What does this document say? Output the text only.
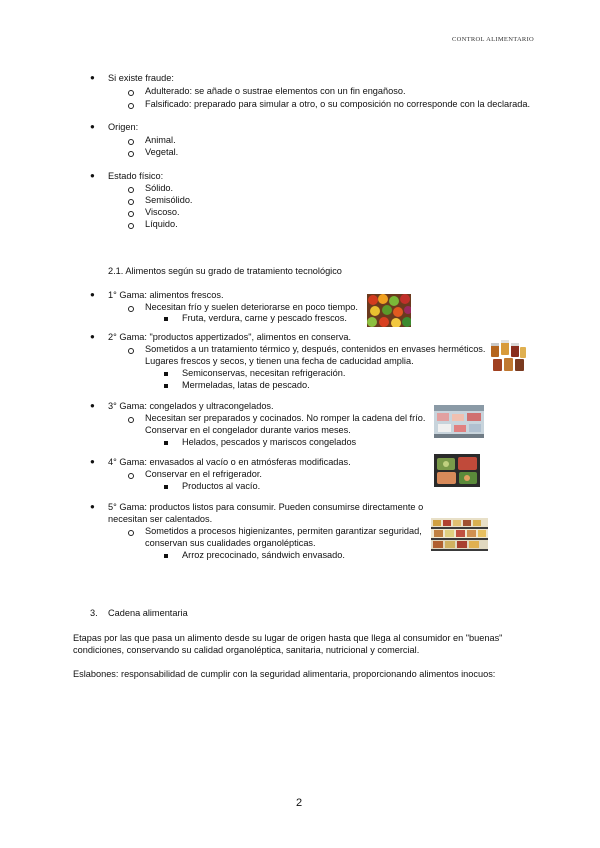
CONTROL ALIMENTARIO
● Si existe fraude:
Adulterado: se añade o sustrae elementos con un fin engañoso.
Falsificado: preparado para simular a otro, o su composición no corresponde con la declarada.
● Origen:
Animal.
Vegetal.
● Estado físico:
Sólido.
Semisólido.
Viscoso.
Líquido.
2.1. Alimentos según su grado de tratamiento tecnológico
● 1° Gama: alimentos frescos.
Necesitan frío y suelen deteriorarse en poco tiempo.
Fruta, verdura, carne y pescado frescos.
● 2° Gama: "productos appertizados", alimentos en conserva.
Sometidos a un tratamiento térmico y, después, contenidos en envases herméticos.
Lugares frescos y secos, y tienen una fecha de caducidad amplia.
Semiconservas, necesitan refrigeración.
Mermeladas, latas de pescado.
● 3° Gama: congelados y ultracongelados.
Necesitan ser preparados y cocinados. No romper la cadena del frío.
Conservar en el congelador durante varios meses.
Helados, pescados y mariscos congelados
● 4° Gama: envasados al vacío o en atmósferas modificadas.
Conservar en el refrigerador.
Productos al vacío.
● 5° Gama: productos listos para consumir. Pueden consumirse directamente o
necesitan ser calentados.
Sometidos a procesos higienizantes, permiten garantizar seguridad,
conservan sus cualidades organolépticas.
Arroz precocinado, sándwich envasado.
3. Cadena alimentaria
Etapas por las que pasa un alimento desde su lugar de origen hasta que llega al consumidor en "buenas"
condiciones, conservando su calidad organoléptica, sanitaria, nutricional y comercial.
Eslabones: responsabilidad de cumplir con la seguridad alimentaria, proporcionando alimentos inocuos:
2
